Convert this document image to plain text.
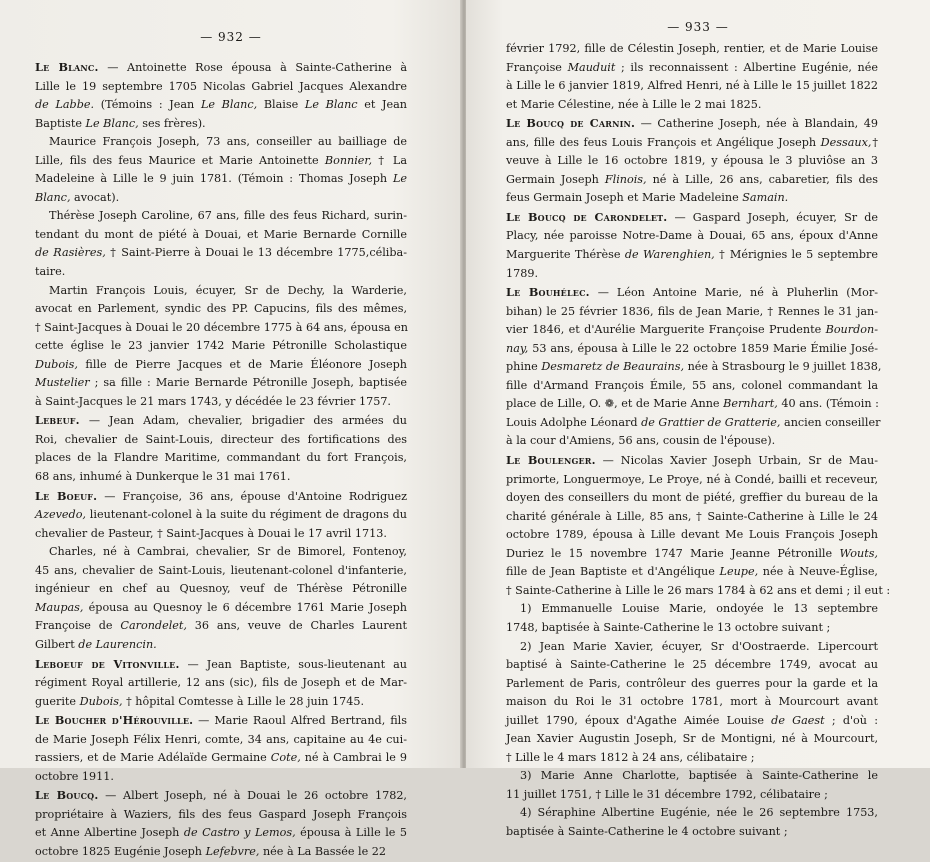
— 932 —
Le Blanc. — Antoinette Rose épousa à Sainte-Catherine à
Lille le 19 septembre 1705 Nicolas Gabriel Jacques Alexandre
de Labbe. (Témoins : Jean Le Blanc, Blaise Le Blanc et Jean
Baptiste Le Blanc, ses frères).
Maurice François Joseph, 73 ans, conseiller au bailliage de
Lille, fils des feus Maurice et Marie Antoinette Bonnier, † La
Madeleine à Lille le 9 juin 1781. (Témoin : Thomas Joseph Le
Blanc, avocat).
Thérèse Joseph Caroline, 67 ans, fille des feus Richard, surin-
tendant du mont de piété à Douai, et Marie Bernarde Cornille
de Rasières, † Saint-Pierre à Douai le 13 décembre 1775,céliba-
taire.
Martin François Louis, écuyer, Sr de Dechy, la Warderie,
avocat en Parlement, syndic des PP. Capucins, fils des mêmes,
† Saint-Jacques à Douai le 20 décembre 1775 à 64 ans, épousa en
cette église le 23 janvier 1742 Marie Pétronille Scholastique
Dubois, fille de Pierre Jacques et de Marie Éléonore Joseph
Mustelier ; sa fille : Marie Bernarde Pétronille Joseph, baptisée
à Saint-Jacques le 21 mars 1743, y décédée le 23 février 1757.
Lebeuf. — Jean Adam, chevalier, brigadier des armées du
Roi, chevalier de Saint-Louis, directeur des fortifications des
places de la Flandre Maritime, commandant du fort François,
68 ans, inhumé à Dunkerque le 31 mai 1761.
Le Boeuf. — Françoise, 36 ans, épouse d'Antoine Rodriguez
Azevedo, lieutenant-colonel à la suite du régiment de dragons du
chevalier de Pasteur, † Saint-Jacques à Douai le 17 avril 1713.
Charles, né à Cambrai, chevalier, Sr de Bimorel, Fontenoy,
45 ans, chevalier de Saint-Louis, lieutenant-colonel d'infanterie,
ingénieur en chef au Quesnoy, veuf de Thérèse Pétronille
Maupas, épousa au Quesnoy le 6 décembre 1761 Marie Joseph
Françoise de Carondelet, 36 ans, veuve de Charles Laurent
Gilbert de Laurencin.
Leboeuf de Vitonville. — Jean Baptiste, sous-lieutenant au
régiment Royal artillerie, 12 ans (sic), fils de Joseph et de Mar-
guerite Dubois, † hôpital Comtesse à Lille le 28 juin 1745.
Le Boucher d'Hérouville. — Marie Raoul Alfred Bertrand, fils
de Marie Joseph Félix Henri, comte, 34 ans, capitaine au 4e cui-
rassiers, et de Marie Adélaïde Germaine Cote, né à Cambrai le 9
octobre 1911.
Le Boucq. — Albert Joseph, né à Douai le 26 octobre 1782,
propriétaire à Waziers, fils des feus Gaspard Joseph François
et Anne Albertine Joseph de Castro y Lemos, épousa à Lille le 5
octobre 1825 Eugénie Joseph Lefebvre, née à La Bassée le 22
— 933 —
février 1792, fille de Célestin Joseph, rentier, et de Marie Louise
Françoise Mauduit ; ils reconnaissent : Albertine Eugénie, née
à Lille le 6 janvier 1819, Alfred Henri, né à Lille le 15 juillet 1822
et Marie Célestine, née à Lille le 2 mai 1825.
Le Boucq de Carnin. — Catherine Joseph, née à Blandain, 49
ans, fille des feus Louis François et Angélique Joseph Dessaux,†
veuve à Lille le 16 octobre 1819, y épousa le 3 pluviôse an 3
Germain Joseph Flinois, né à Lille, 26 ans, cabaretier, fils des
feus Germain Joseph et Marie Madeleine Samain.
Le Boucq de Carondelet. — Gaspard Joseph, écuyer, Sr de
Placy, née paroisse Notre-Dame à Douai, 65 ans, époux d'Anne
Marguerite Thérèse de Warenghien, † Mérignies le 5 septembre
1789.
Le Bouhélec. — Léon Antoine Marie, né à Pluherlin (Mor-
bihan) le 25 février 1836, fils de Jean Marie, † Rennes le 31 jan-
vier 1846, et d'Aurélie Marguerite Françoise Prudente Bourdon-
nay, 53 ans, épousa à Lille le 22 octobre 1859 Marie Émilie José-
phine Desmaretz de Beaurains, née à Strasbourg le 9 juillet 1838,
fille d'Armand François Émile, 55 ans, colonel commandant la
place de Lille, O. ❁, et de Marie Anne Bernhart, 40 ans. (Témoin :
Louis Adolphe Léonard de Grattier de Gratterie, ancien conseiller
à la cour d'Amiens, 56 ans, cousin de l'épouse).
Le Boulenger. — Nicolas Xavier Joseph Urbain, Sr de Mau-
primorte, Longuermoye, Le Proye, né à Condé, bailli et receveur,
doyen des conseillers du mont de piété, greffier du bureau de la
charité générale à Lille, 85 ans, † Sainte-Catherine à Lille le 24
octobre 1789, épousa à Lille devant Me Louis François Joseph
Duriez le 15 novembre 1747 Marie Jeanne Pétronille Wouts,
fille de Jean Baptiste et d'Angélique Leupe, née à Neuve-Église,
† Sainte-Catherine à Lille le 26 mars 1784 à 62 ans et demi ; il eut :
1) Emmanuelle Louise Marie, ondoyée le 13 septembre
1748, baptisée à Sainte-Catherine le 13 octobre suivant ;
2) Jean Marie Xavier, écuyer, Sr d'Oostraerde. Lipercourt
baptisé à Sainte-Catherine le 25 décembre 1749, avocat au
Parlement de Paris, contrôleur des guerres pour la garde et la
maison du Roi le 31 octobre 1781, mort à Mourcourt avant
juillet 1790, époux d'Agathe Aimée Louise de Gaest ; d'où :
Jean Xavier Augustin Joseph, Sr de Montigni, né à Mourcourt,
† Lille le 4 mars 1812 à 24 ans, célibataire ;
3) Marie Anne Charlotte, baptisée à Sainte-Catherine le
11 juillet 1751, † Lille le 31 décembre 1792, célibataire ;
4) Séraphine Albertine Eugénie, née le 26 septembre 1753,
baptisée à Sainte-Catherine le 4 octobre suivant ;
